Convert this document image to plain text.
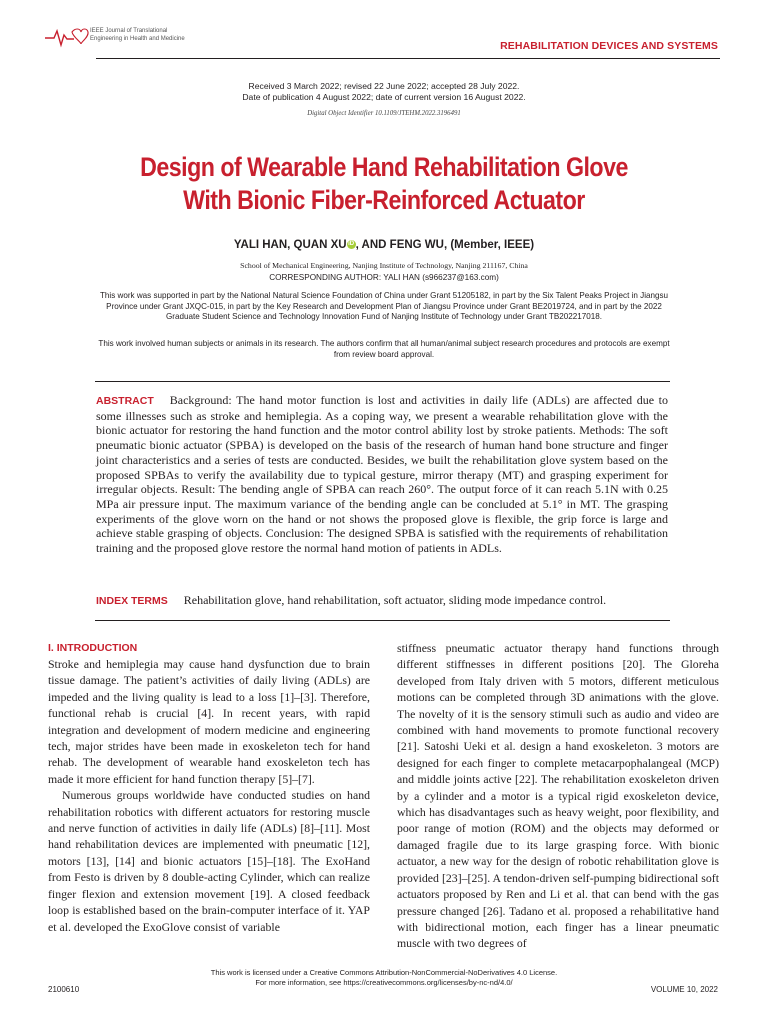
IEEE Journal of Translational Engineering in Health and Medicine
REHABILITATION DEVICES AND SYSTEMS
Received 3 March 2022; revised 22 June 2022; accepted 28 July 2022.
Date of publication 4 August 2022; date of current version 16 August 2022.
Digital Object Identifier 10.1109/JTEHM.2022.3196491
Design of Wearable Hand Rehabilitation Glove
With Bionic Fiber-Reinforced Actuator
YALI HAN, QUAN XU iD , AND FENG WU, (Member, IEEE)
School of Mechanical Engineering, Nanjing Institute of Technology, Nanjing 211167, China
CORRESPONDING AUTHOR: YALI HAN (s966237@163.com)
This work was supported in part by the National Natural Science Foundation of China under Grant 51205182, in part by the Six Talent Peaks Project in Jiangsu Province under Grant JXQC-015, in part by the Key Research and Development Plan of Jiangsu Province under Grant BE2019724, and in part by the 2022 Graduate Student Science and Technology Innovation Fund of Nanjing Institute of Technology under Grant TB202217018.
This work involved human subjects or animals in its research. The authors confirm that all human/animal subject research procedures and protocols are exempt from review board approval.
ABSTRACT Background: The hand motor function is lost and activities in daily life (ADLs) are affected due to some illnesses such as stroke and hemiplegia. As a coping way, we present a wearable rehabilitation glove with the bionic actuator for restoring the hand function and the motor control ability lost by stroke patients. Methods: The soft pneumatic bionic actuator (SPBA) is developed on the basis of the research of human hand bone structure and finger joint characteristics and a series of tests are conducted. Besides, we built the rehabilitation glove system based on the proposed SPBAs to verify the availability due to typical gesture, mirror therapy (MT) and grasping experiment for irregular objects. Result: The bending angle of SPBA can reach 260°. The output force of it can reach 5.1N with 0.25 MPa air pressure input. The maximum variance of the bending angle can be concluded at 5.1° in MT. The grasping experiments of the glove worn on the hand or not shows the proposed glove is flexible, the grip force is large and achieve stable grasping of objects. Conclusion: The designed SPBA is satisfied with the requirements of rehabilitation training and the proposed glove restore the normal hand motion of patients in ADLs.
INDEX TERMS Rehabilitation glove, hand rehabilitation, soft actuator, sliding mode impedance control.
I. INTRODUCTION
Stroke and hemiplegia may cause hand dysfunction due to brain tissue damage. The patient’s activities of daily living (ADLs) are impeded and the living quality is lead to a loss [1]–[3]. Therefore, functional rehab is crucial [4]. In recent years, with rapid integration and development of modern medicine and engineering tech, major strides have been made in exoskeleton tech for hand rehab. The development of wearable hand exoskeleton tech has made it more efficient for hand function therapy [5]–[7].
Numerous groups worldwide have conducted studies on hand rehabilitation robotics with different actuators for restoring muscle and nerve function of activities in daily life (ADLs) [8]–[11]. Most hand rehabilitation devices are implemented with pneumatic [12], motors [13], [14] and bionic actuators [15]–[18]. The ExoHand from Festo is driven by 8 double-acting Cylinder, which can realize finger flexion and extension movement [19]. A closed feedback loop is established based on the brain-computer interface of it. YAP et al. developed the ExoGlove consist of variable
stiffness pneumatic actuator therapy hand functions through different stiffnesses in different positions [20]. The Gloreha developed from Italy driven with 5 motors, different meticulous motions can be completed through 3D animations with the glove. The novelty of it is the sensory stimuli such as audio and video are combined with hand movements to promote functional recovery [21]. Satoshi Ueki et al. design a hand exoskeleton. 3 motors are designed for each finger to complete metacarpophalangeal (MCP) and middle joints active [22]. The rehabilitation exoskeleton driven by a cylinder and a motor is a typical rigid exoskeleton device, which has disadvantages such as heavy weight, poor flexibility, and poor range of motion (ROM) and the objects may deformed or damaged fragile due to its large grasping force. With bionic actuator, a new way for the design of robotic rehabilitation glove is provided [23]–[25]. A tendon-driven self-pumping bidirectional soft actuators proposed by Ren and Li et al. that can bend with the gas pressure changed [26]. Tadano et al. proposed a rehabilitative hand with bidirectional motion, each finger has a linear pneumatic muscle with two degrees of
This work is licensed under a Creative Commons Attribution-NonCommercial-NoDerivatives 4.0 License.
For more information, see https://creativecommons.org/licenses/by-nc-nd/4.0/
2100610	VOLUME 10, 2022
